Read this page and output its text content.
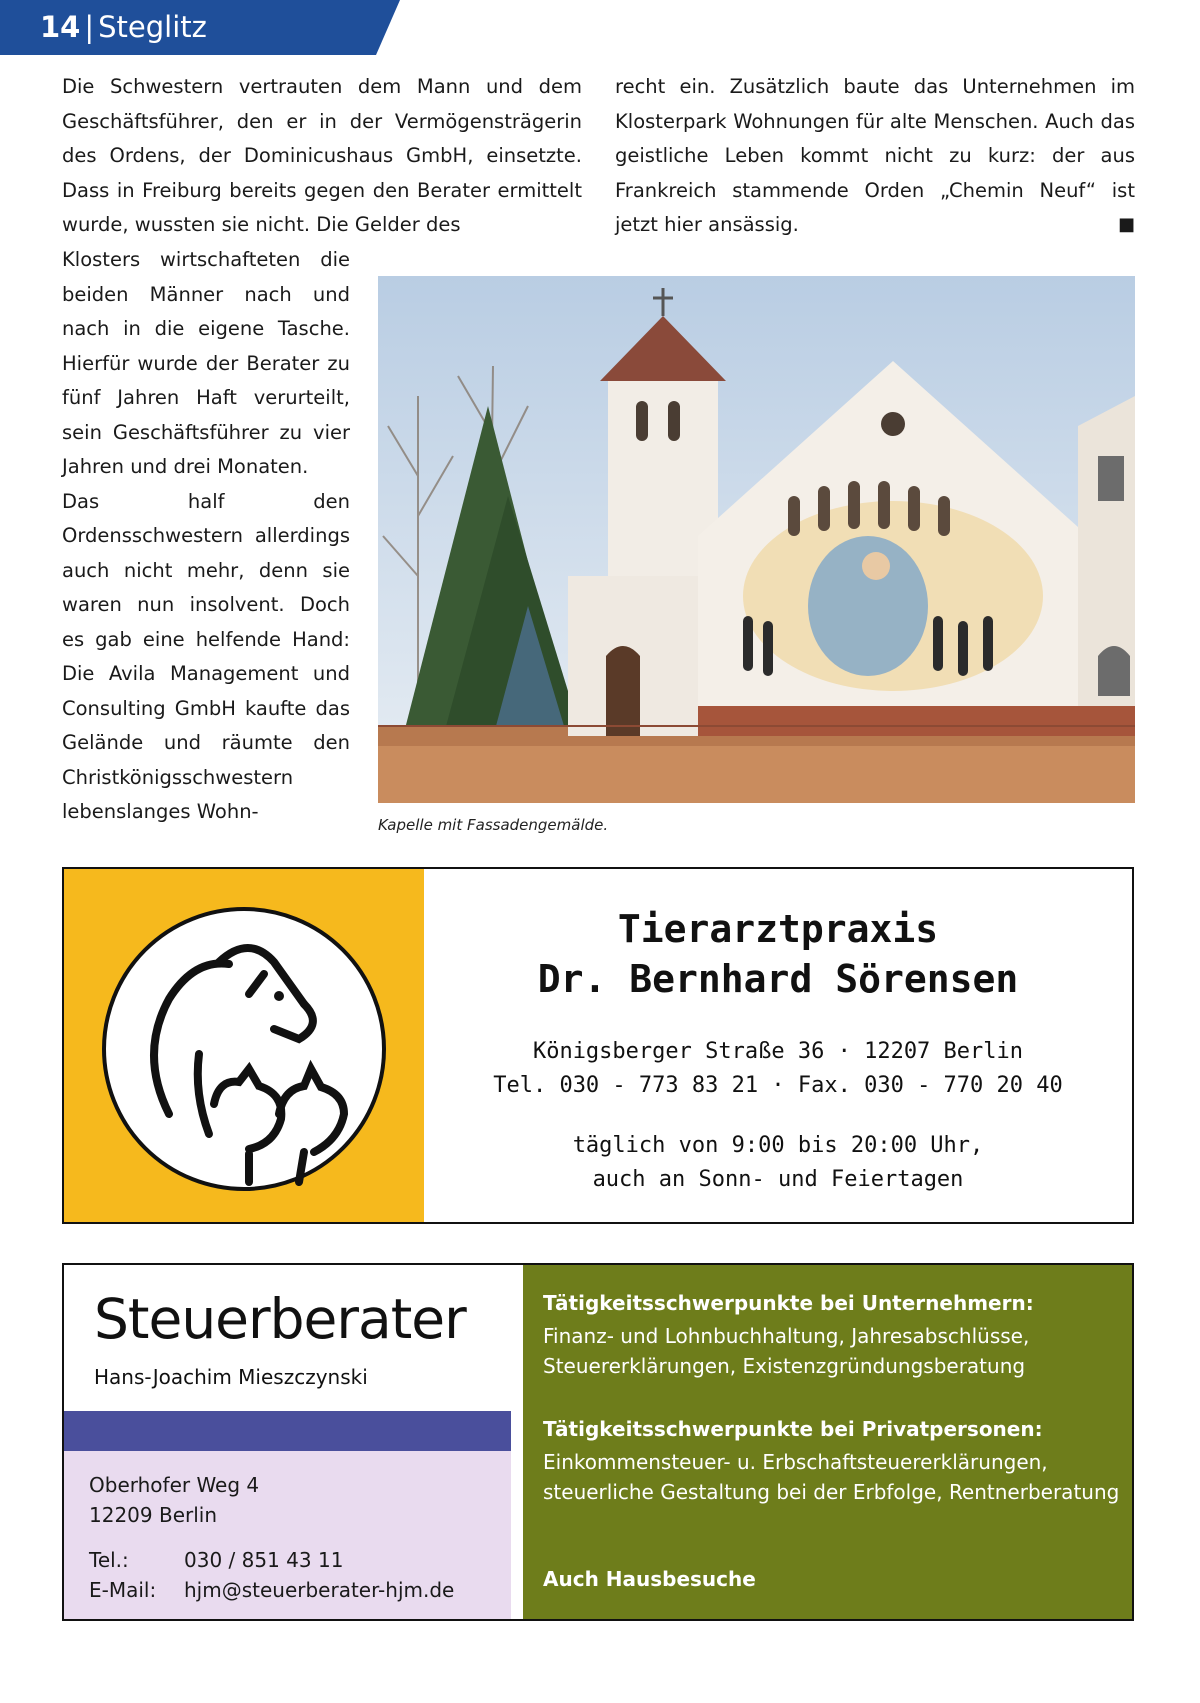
14 | Steglitz
Die Schwestern vertrauten dem Mann und dem Geschäftsführer, den er in der Vermögensträgerin des Ordens, der Dominicushaus GmbH, einsetzte. Dass in Freiburg bereits gegen den Berater ermittelt wurde, wussten sie nicht. Die Gelder des
Klosters wirtschafteten die beiden Männer nach und nach in die eigene Tasche. Hierfür wurde der Berater zu fünf Jahren Haft verurteilt, sein Geschäftsführer zu vier Jahren und drei Monaten.
Das half den Ordensschwestern allerdings auch nicht mehr, denn sie waren nun insolvent. Doch es gab eine helfende Hand: Die Avila Management und Consulting GmbH kaufte das Gelände und räumte den Christkönigsschwestern lebenslanges Wohn-
recht ein. Zusätzlich baute das Unternehmen im Klosterpark Wohnungen für alte Menschen. Auch das geistliche Leben kommt nicht zu kurz: der aus Frankreich stammende Orden „Chemin Neuf“ ist jetzt hier ansässig.	■
Kapelle mit Fassadengemälde.
Tierarztpraxis
Dr. Bernhard Sörensen
Königsberger Straße 36 · 12207 Berlin
Tel. 030 - 773 83 21 · Fax. 030 - 770 20 40
täglich von 9:00 bis 20:00 Uhr,
auch an Sonn- und Feiertagen
Steuerberater
Hans-Joachim Mieszczynski
Oberhofer Weg 4
12209 Berlin
Tel.:	030 / 851 43 11
E-Mail: hjm@steuerberater-hjm.de
Tätigkeitsschwerpunkte bei Unternehmern:
Finanz- und Lohnbuchhaltung, Jahresabschlüsse, Steuererklärungen, Existenzgründungsberatung
Tätigkeitsschwerpunkte bei Privatpersonen:
Einkommensteuer- u. Erbschaftsteuererklärungen, steuerliche Gestaltung bei der Erbfolge, Rentnerberatung
Auch Hausbesuche
